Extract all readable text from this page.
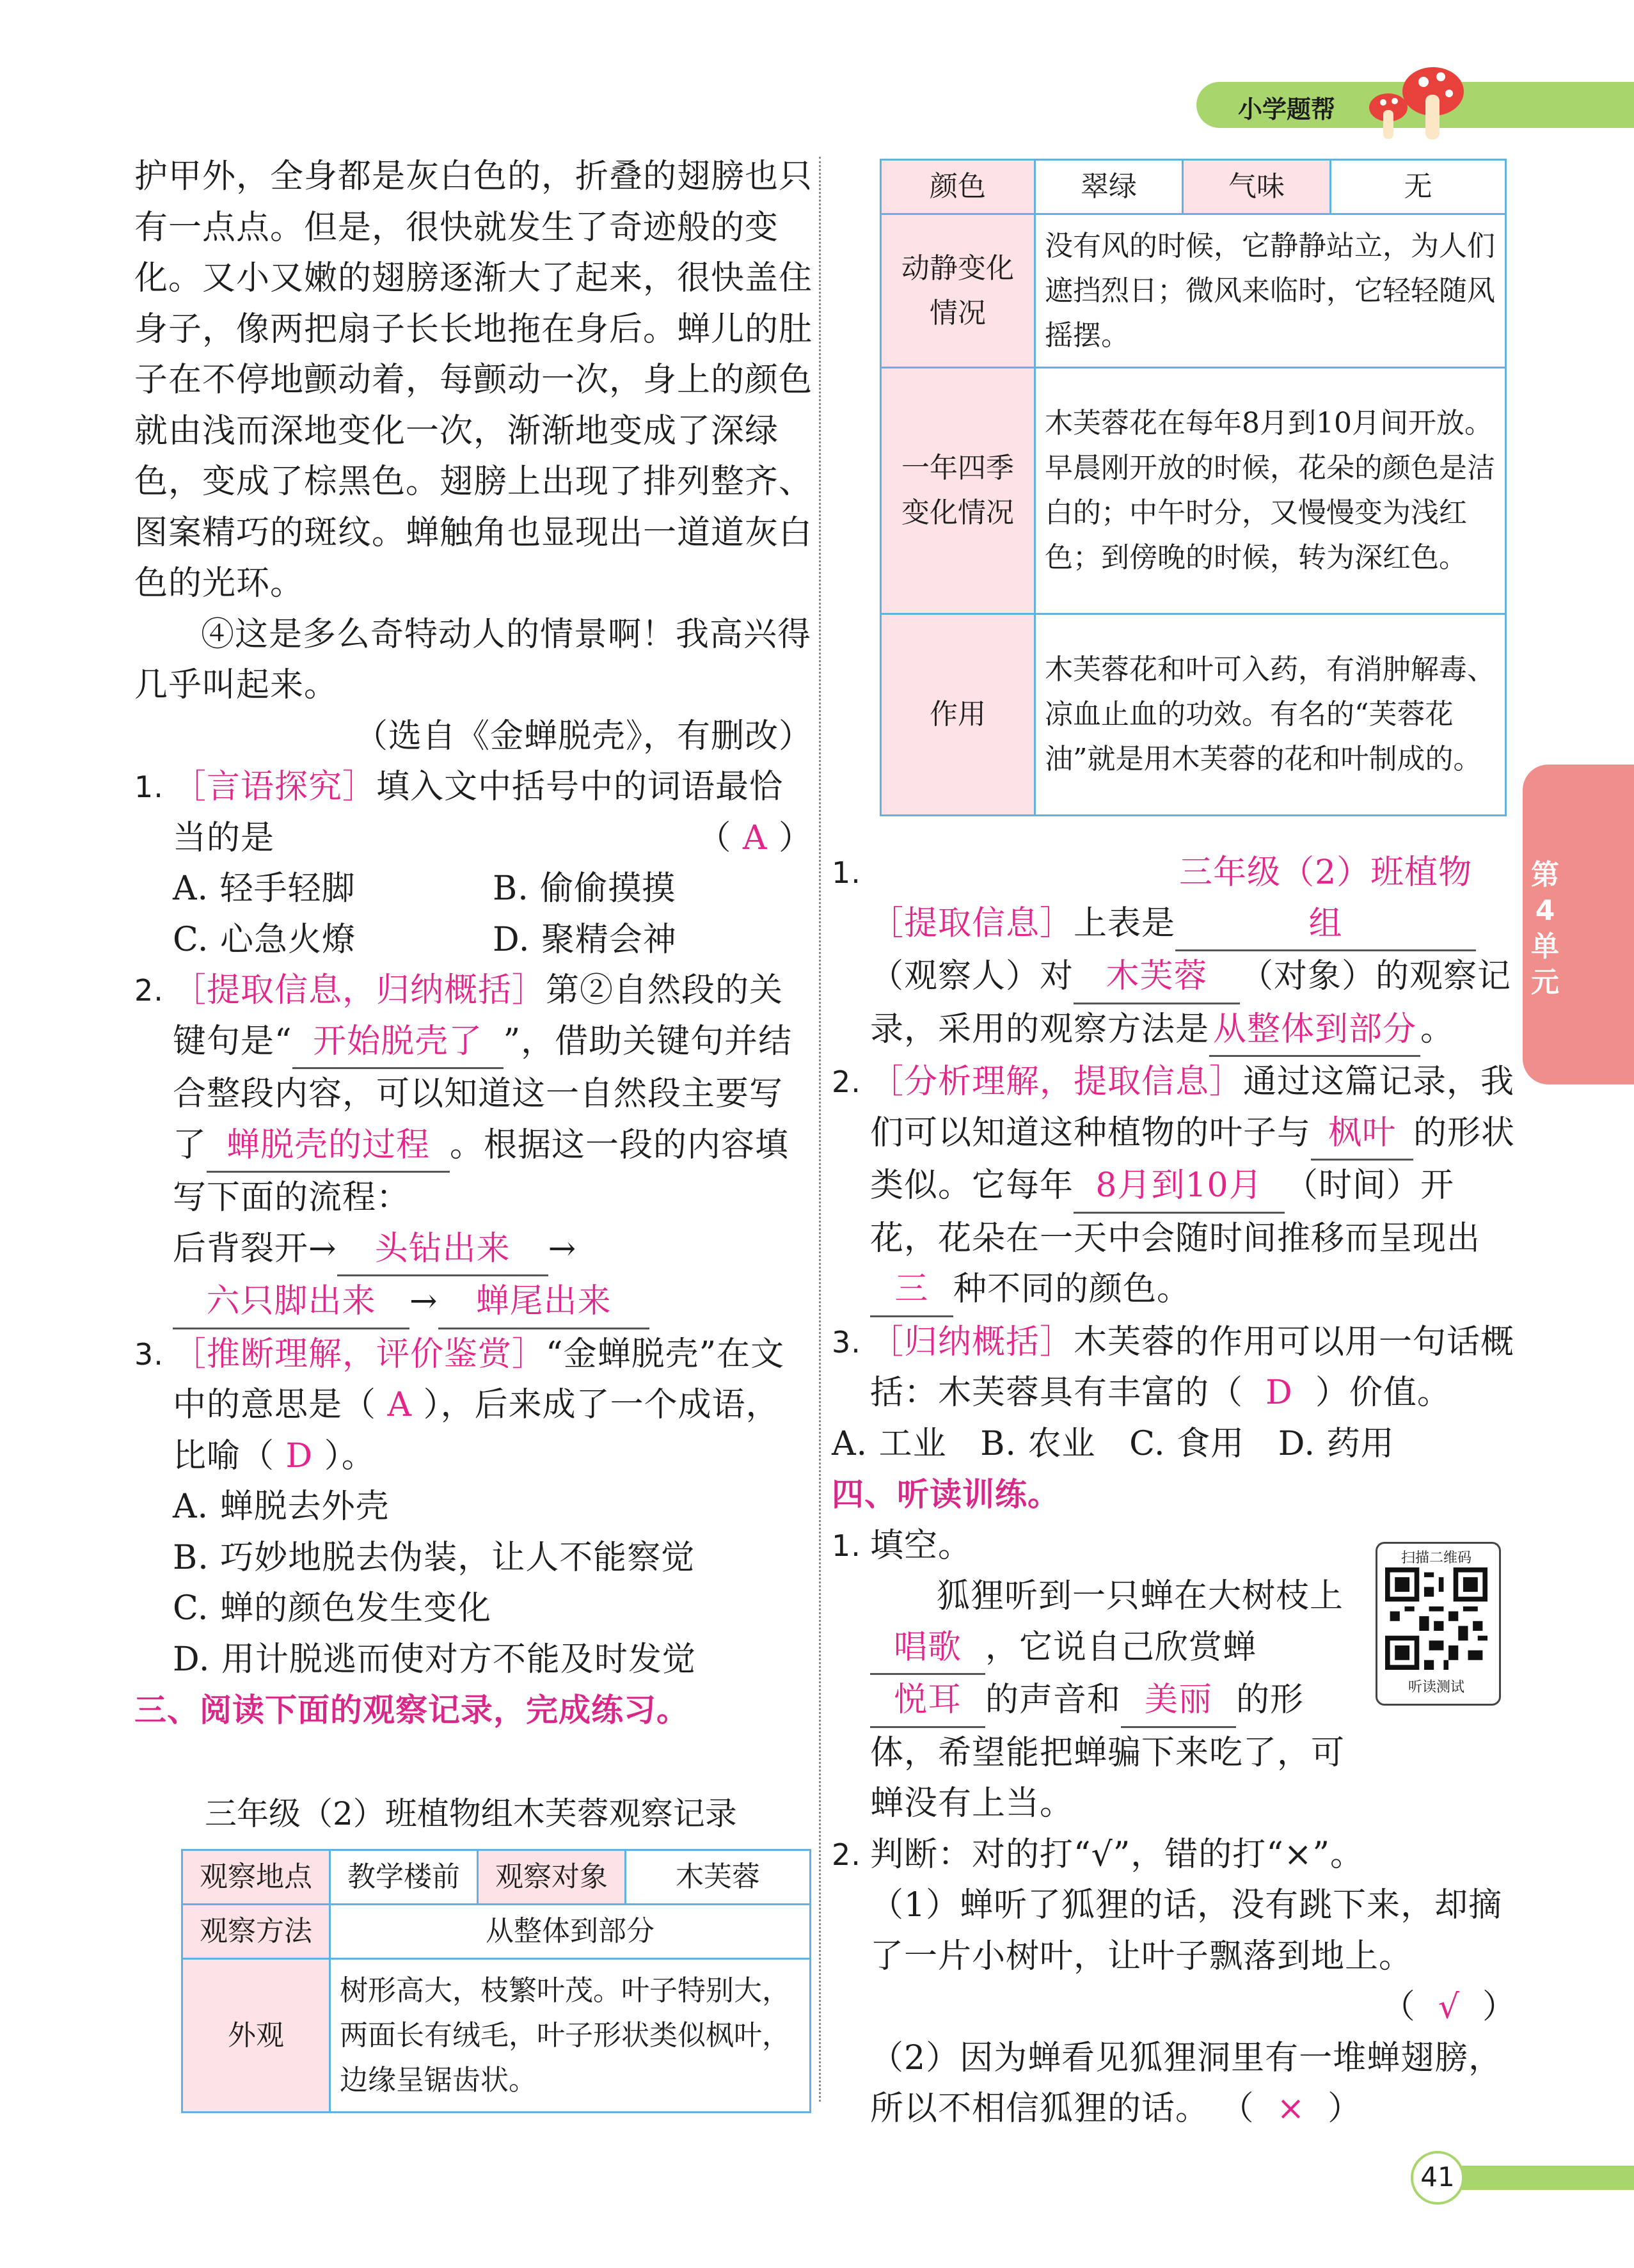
小学题帮

护甲外，全身都是灰白色的，折叠的翅膀也只有一点点。但是，很快就发生了奇迹般的变化。又小又嫩的翅膀逐渐大了起来，很快盖住身子，像两把扇子长长地拖在身后。蝉儿的肚子在不停地颤动着，每颤动一次，身上的颜色就由浅而深地变化一次，渐渐地变成了深绿色，变成了棕黑色。翅膀上出现了排列整齐、图案精巧的斑纹。蝉触角也显现出一道道灰白色的光环。

④这是多么奇特动人的情景啊！我高兴得几乎叫起来。

（选自《金蝉脱壳》，有删改）

1. ［言语探究］填入文中括号中的词语最恰当的是	（ A ）
A. 轻手轻脚	B. 偷偷摸摸
C. 心急火燎	D. 聚精会神
2. ［提取信息，归纳概括］第②自然段的关键句是“ 开始脱壳了 ”，借助关键句并结合整段内容，可以知道这一自然段主要写了 蝉脱壳的过程 。根据这一段的内容填写下面的流程：
后背裂开→ 头钻出来 →六只脚出来 → 蝉尾出来
3. ［推断理解，评价鉴赏］“金蝉脱壳”在文中的意思是（ A ），后来成了一个成语，比喻（ D ）。
A. 蝉脱去外壳
B. 巧妙地脱去伪装，让人不能察觉
C. 蝉的颜色发生变化
D. 用计脱逃而使对方不能及时发觉
三、阅读下面的观察记录，完成练习。
三年级（2）班植物组木芙蓉观察记录
观察地点	教学楼前	观察对象	木芙蓉
观察方法	从整体到部分		
外观	树形高大，枝繁叶茂。叶子特别大，两面长有绒毛，叶子形状类似枫叶，边缘呈锯齿状。		
颜色	翠绿	气味	无
动静变化情况	没有风的时候，它静静站立，为人们遮挡烈日；微风来临时，它轻轻随风摇摆。		
一年四季变化情况	木芙蓉花在每年8月到10月间开放。早晨刚开放的时候，花朵的颜色是洁白的；中午时分，又慢慢变为浅红色；到傍晚的时候，转为深红色。		
作用	木芙蓉花和叶可入药，有消肿解毒、凉血止血的功效。有名的“芙蓉花油”就是用木芙蓉的花和叶制成的。		
1.
［提取信息］上表是三年级（2）班植物组（观察人）对 木芙蓉 （对象）的观察记录，采用的观察方法是 从整体到部分 。
2. ［分析理解，提取信息］通过这篇记录，我们可以知道这种植物的叶子与 枫叶 的形状类似。它每年 8月到10月 （时间）开花，花朵在一天中会随时间推移而呈现出三 种不同的颜色。
3. ［归纳概括］木芙蓉的作用可以用一句话概括：木芙蓉具有丰富的（ D ）价值。
A. 工业 B. 农业 C. 食用 D. 药用
四、听读训练。
1. 填空。
狐狸听到一只蝉在大树枝上唱歌 ，它说自己欣赏蝉悦耳 的声音和 美丽 的形体，希望能把蝉骗下来吃了，可蝉没有上当。
2. 判断：对的打“√”，错的打“×”。
（1）蝉听了狐狸的话，没有跳下来，却摘了一片小树叶，让叶子飘落到地上。
（  √  ）
（2）因为蝉看见狐狸洞里有一堆蝉翅膀，所以不相信狐狸的话。 （  ×  ）
第4单元
扫描二维码
听读测试
41
